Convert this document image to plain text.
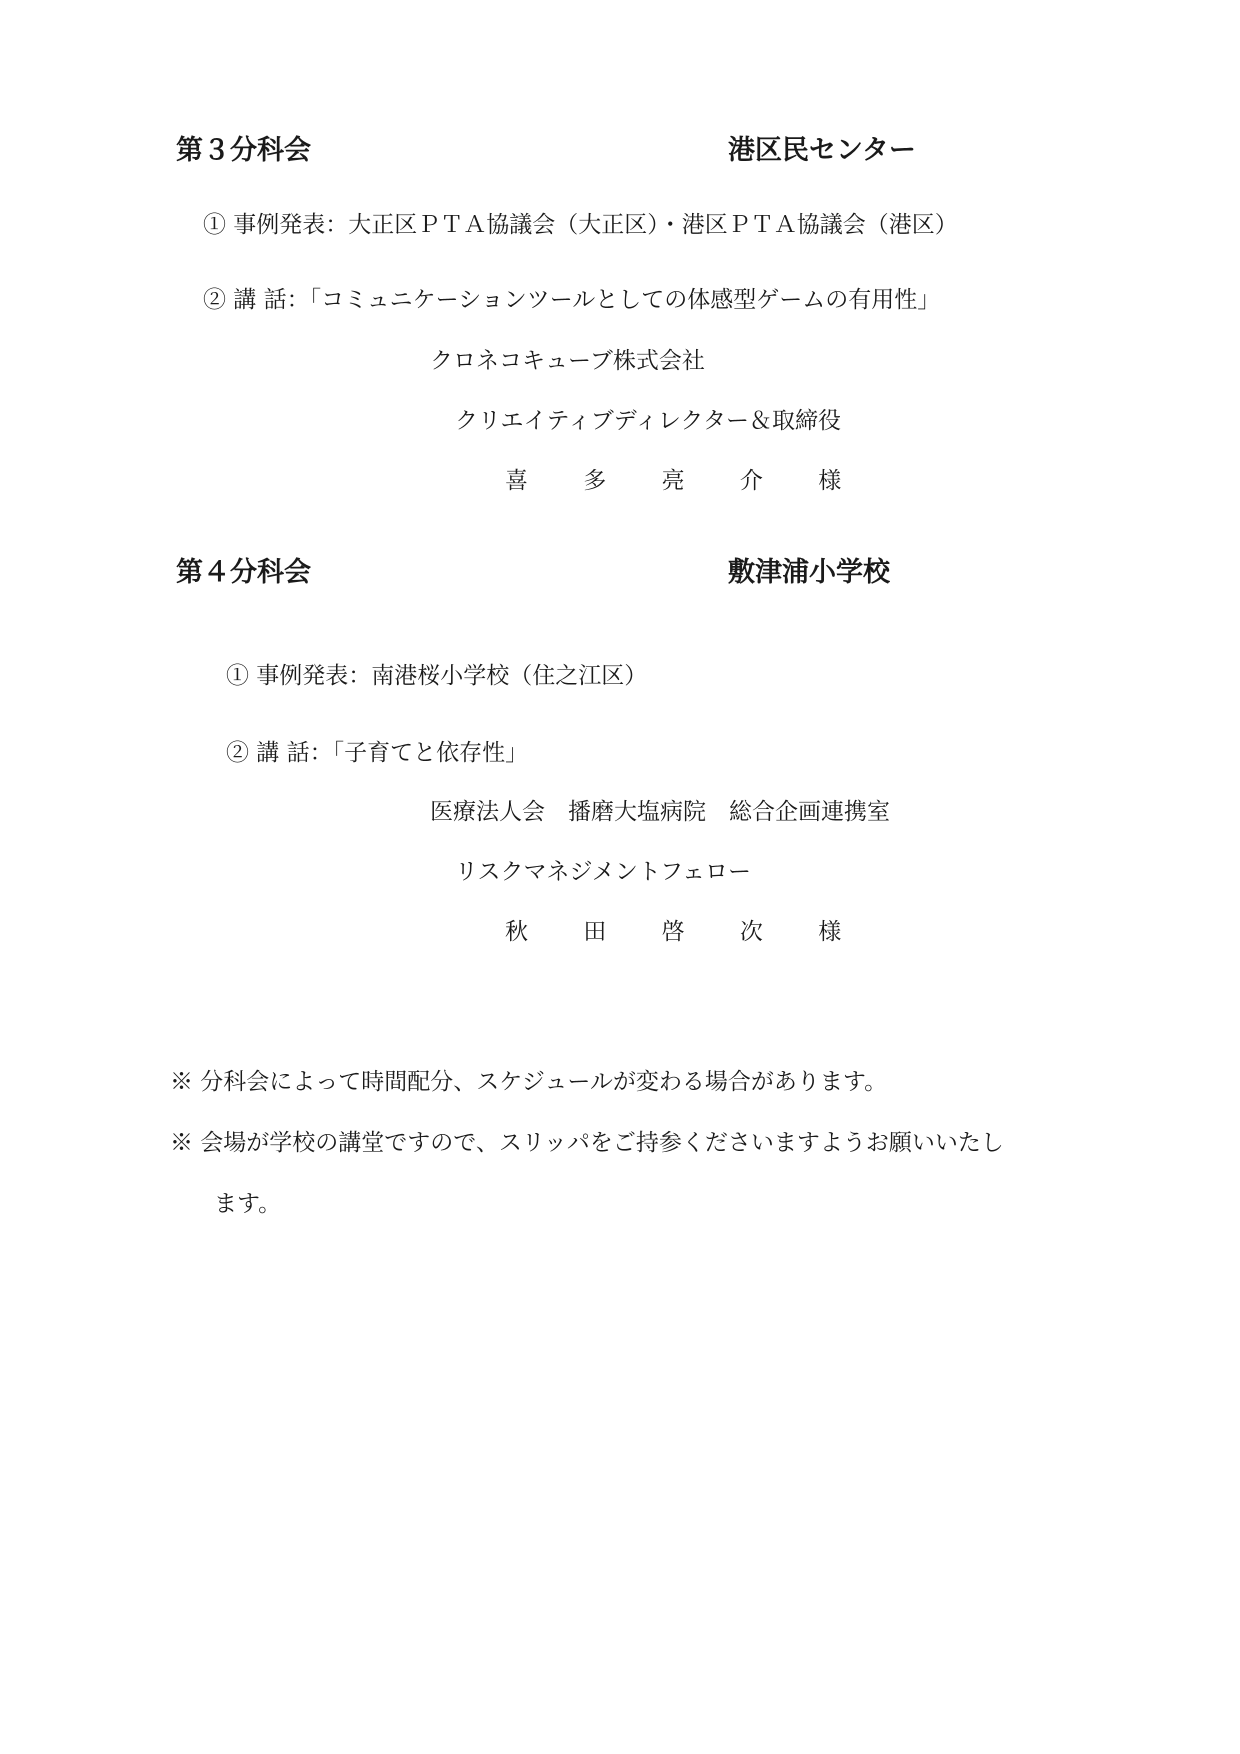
第３分科会	港区民センター
① 事例発表：大正区ＰＴＡ協議会（大正区）・港区ＰＴＡ協議会（港区）
② 講 話：「コミュニケーションツールとしての体感型ゲームの有用性」
クロネコキューブ株式会社
クリエイティブディレクター＆取締役
喜 多 亮 介 様
第４分科会	敷津浦小学校
① 事例発表：南港桜小学校（住之江区）
② 講 話：「子育てと依存性」
医療法人会　播磨大塩病院　総合企画連携室
リスクマネジメントフェロー
秋 田 啓 次 様
※ 分科会によって時間配分、スケジュールが変わる場合があります。
※ 会場が学校の講堂ですので、スリッパをご持参くださいますようお願いいたし
ます。
